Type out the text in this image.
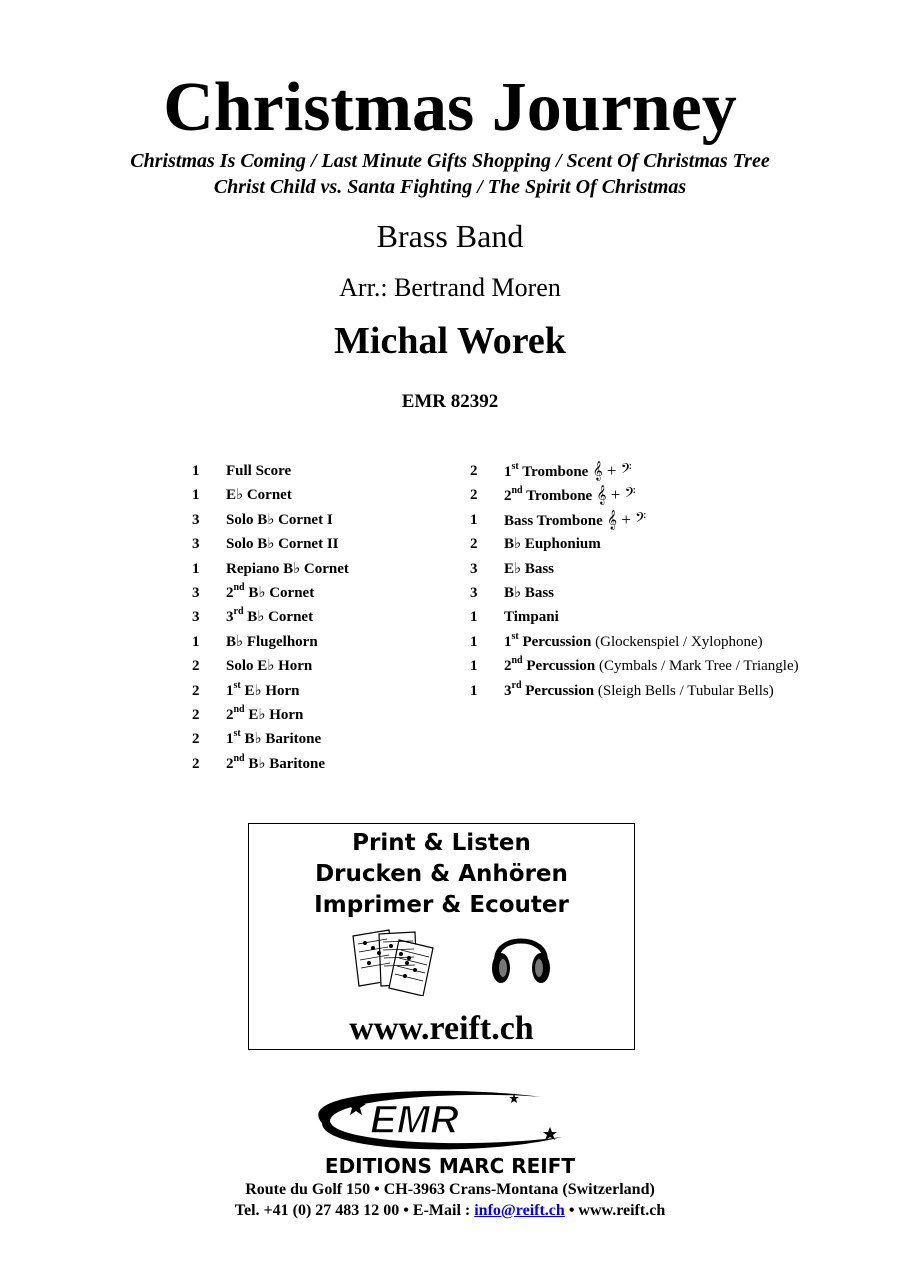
Christmas Journey
Christmas Is Coming / Last Minute Gifts Shopping / Scent Of Christmas Tree
Christ Child vs. Santa Fighting / The Spirit Of Christmas
Brass Band
Arr.: Bertrand Moren
Michal Worek
EMR 82392
1 Full Score
1 E♭ Cornet
3 Solo B♭ Cornet I
3 Solo B♭ Cornet II
1 Repiano B♭ Cornet
3 2nd B♭ Cornet
3 3rd B♭ Cornet
1 B♭ Flugelhorn
2 Solo E♭ Horn
2 1st E♭ Horn
2 2nd E♭ Horn
2 1st B♭ Baritone
2 2nd B♭ Baritone
2 1st Trombone 𝄞 + 𝄢
2 2nd Trombone 𝄞 + 𝄢
1 Bass Trombone 𝄞 + 𝄢
2 B♭ Euphonium
3 E♭ Bass
3 B♭ Bass
1 Timpani
1 1st Percussion (Glockenspiel / Xylophone)
1 2nd Percussion (Cymbals / Mark Tree / Triangle)
1 3rd Percussion (Sleigh Bells / Tubular Bells)
Print & Listen
Drucken & Anhören
Imprimer & Ecouter
www.reift.ch
EMR
EDITIONS MARC REIFT
Route du Golf 150 • CH-3963 Crans-Montana (Switzerland)
Tel. +41 (0) 27 483 12 00 • E-Mail : info@reift.ch • www.reift.ch
